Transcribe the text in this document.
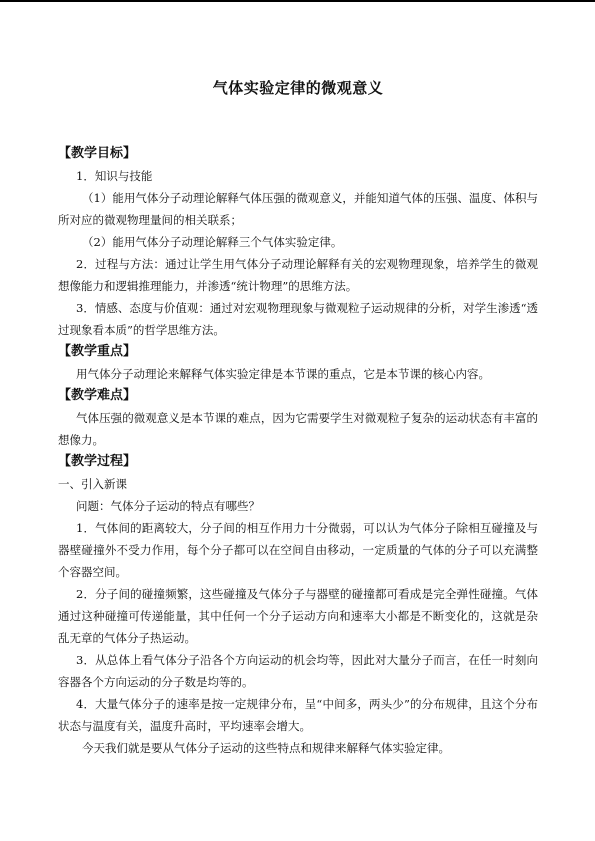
气体实验定律的微观意义
【教学目标】
1．知识与技能
（1）能用气体分子动理论解释气体压强的微观意义，并能知道气体的压强、温度、体积与所对应的微观物理量间的相关联系；
（2）能用气体分子动理论解释三个气体实验定律。
2．过程与方法：通过让学生用气体分子动理论解释有关的宏观物理现象，培养学生的微观想像能力和逻辑推理能力，并渗透“统计物理”的思维方法。
3．情感、态度与价值观：通过对宏观物理现象与微观粒子运动规律的分析，对学生渗透“透过现象看本质”的哲学思维方法。
【教学重点】
用气体分子动理论来解释气体实验定律是本节课的重点，它是本节课的核心内容。
【教学难点】
气体压强的微观意义是本节课的难点，因为它需要学生对微观粒子复杂的运动状态有丰富的想像力。
【教学过程】
一、引入新课
问题：气体分子运动的特点有哪些？
1．气体间的距离较大，分子间的相互作用力十分微弱，可以认为气体分子除相互碰撞及与器壁碰撞外不受力作用，每个分子都可以在空间自由移动，一定质量的气体的分子可以充满整个容器空间。
2．分子间的碰撞频繁，这些碰撞及气体分子与器壁的碰撞都可看成是完全弹性碰撞。气体通过这种碰撞可传递能量，其中任何一个分子运动方向和速率大小都是不断变化的，这就是杂乱无章的气体分子热运动。
3．从总体上看气体分子沿各个方向运动的机会均等，因此对大量分子而言，在任一时刻向容器各个方向运动的分子数是均等的。
4．大量气体分子的速率是按一定规律分布，呈“中间多，两头少”的分布规律，且这个分布状态与温度有关，温度升高时，平均速率会增大。
今天我们就是要从气体分子运动的这些特点和规律来解释气体实验定律。
